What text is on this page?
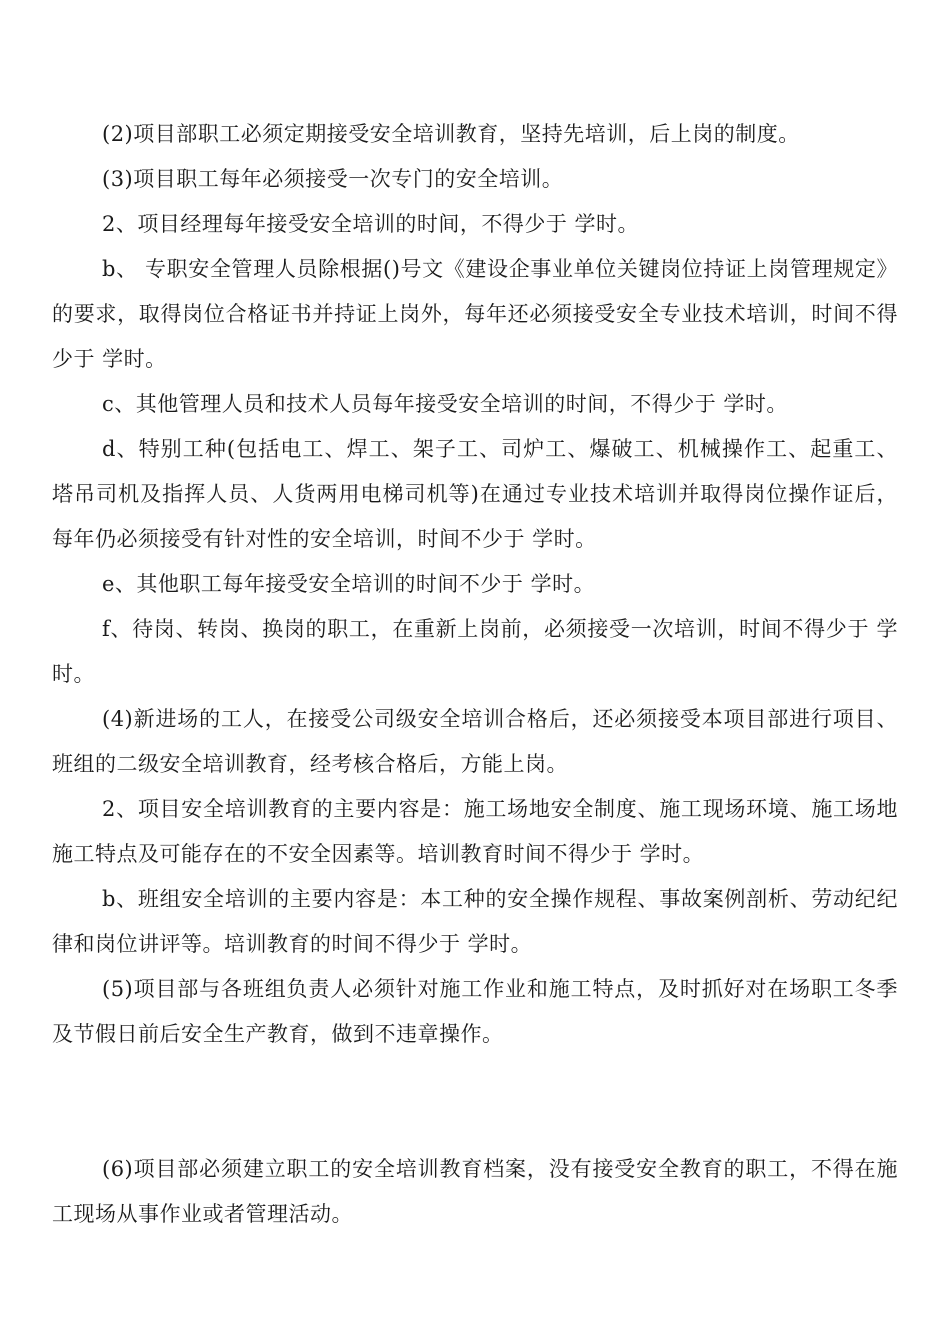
(2)项目部职工必须定期接受安全培训教育，坚持先培训，后上岗的制度。

(3)项目职工每年必须接受一次专门的安全培训。

2、项目经理每年接受安全培训的时间，不得少于 学时。

b、 专职安全管理人员除根据()号文《建设企事业单位关键岗位持证上岗管理规定》的要求，取得岗位合格证书并持证上岗外，每年还必须接受安全专业技术培训，时间不得少于 学时。

c、其他管理人员和技术人员每年接受安全培训的时间，不得少于 学时。

d、特别工种(包括电工、焊工、架子工、司炉工、爆破工、机械操作工、起重工、塔吊司机及指挥人员、人货两用电梯司机等)在通过专业技术培训并取得岗位操作证后，每年仍必须接受有针对性的安全培训，时间不少于 学时。

e、其他职工每年接受安全培训的时间不少于 学时。

f、待岗、转岗、换岗的职工，在重新上岗前，必须接受一次培训，时间不得少于 学时。

(4)新进场的工人，在接受公司级安全培训合格后，还必须接受本项目部进行项目、班组的二级安全培训教育，经考核合格后，方能上岗。

2、项目安全培训教育的主要内容是：施工场地安全制度、施工现场环境、施工场地施工特点及可能存在的不安全因素等。培训教育时间不得少于 学时。

b、班组安全培训的主要内容是：本工种的安全操作规程、事故案例剖析、劳动纪纪律和岗位讲评等。培训教育的时间不得少于 学时。

(5)项目部与各班组负责人必须针对施工作业和施工特点，及时抓好对在场职工冬季及节假日前后安全生产教育，做到不违章操作。

(6)项目部必须建立职工的安全培训教育档案，没有接受安全教育的职工，不得在施工现场从事作业或者管理活动。
